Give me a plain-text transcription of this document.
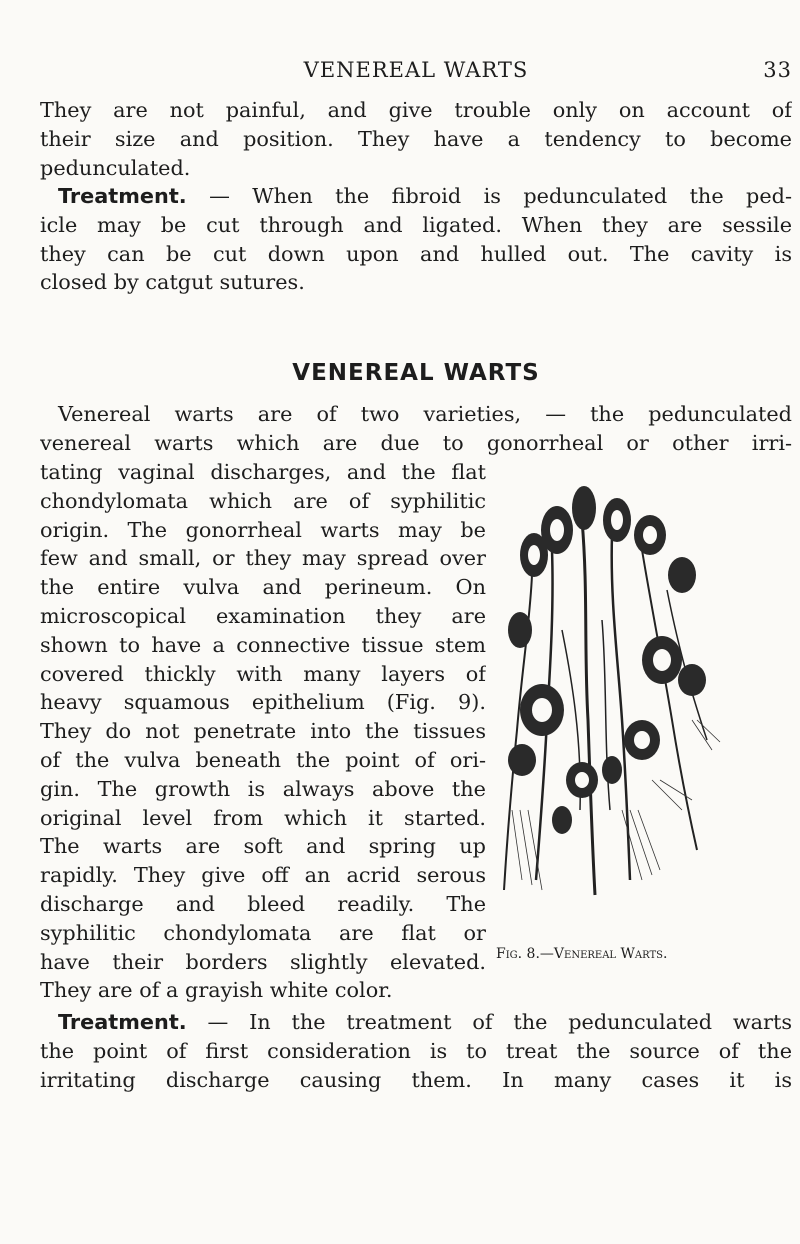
VENEREAL WARTS	33
They are not painful, and give trouble only on account of
their size and position. They have a tendency to become
pedunculated.
Treatment. — When the fibroid is pedunculated the ped-
icle may be cut through and ligated. When they are sessile
they can be cut down upon and hulled out. The cavity is
closed by catgut sutures.
VENEREAL WARTS
Venereal warts are of two varieties, — the pedunculated
venereal warts which are due to gonorrheal or other irri-
tating vaginal discharges, and the flat
chondylomata which are of syphilitic
origin. The gonorrheal warts may be
few and small, or they may spread over
the entire vulva and perineum. On
microscopical examination they are
shown to have a connective tissue stem
covered thickly with many layers of
heavy squamous epithelium (Fig. 9).
They do not penetrate into the tissues
of the vulva beneath the point of ori-
gin. The growth is always above the
original level from which it started.
The warts are soft and spring up
rapidly. They give off an acrid serous
discharge and bleed readily. The
syphilitic chondylomata are flat or
have their borders slightly elevated.
They are of a grayish white color.
Fig. 8.—Venereal Warts.
Treatment. — In the treatment of the pedunculated warts
the point of first consideration is to treat the source of the
irritating discharge causing them. In many cases it is
